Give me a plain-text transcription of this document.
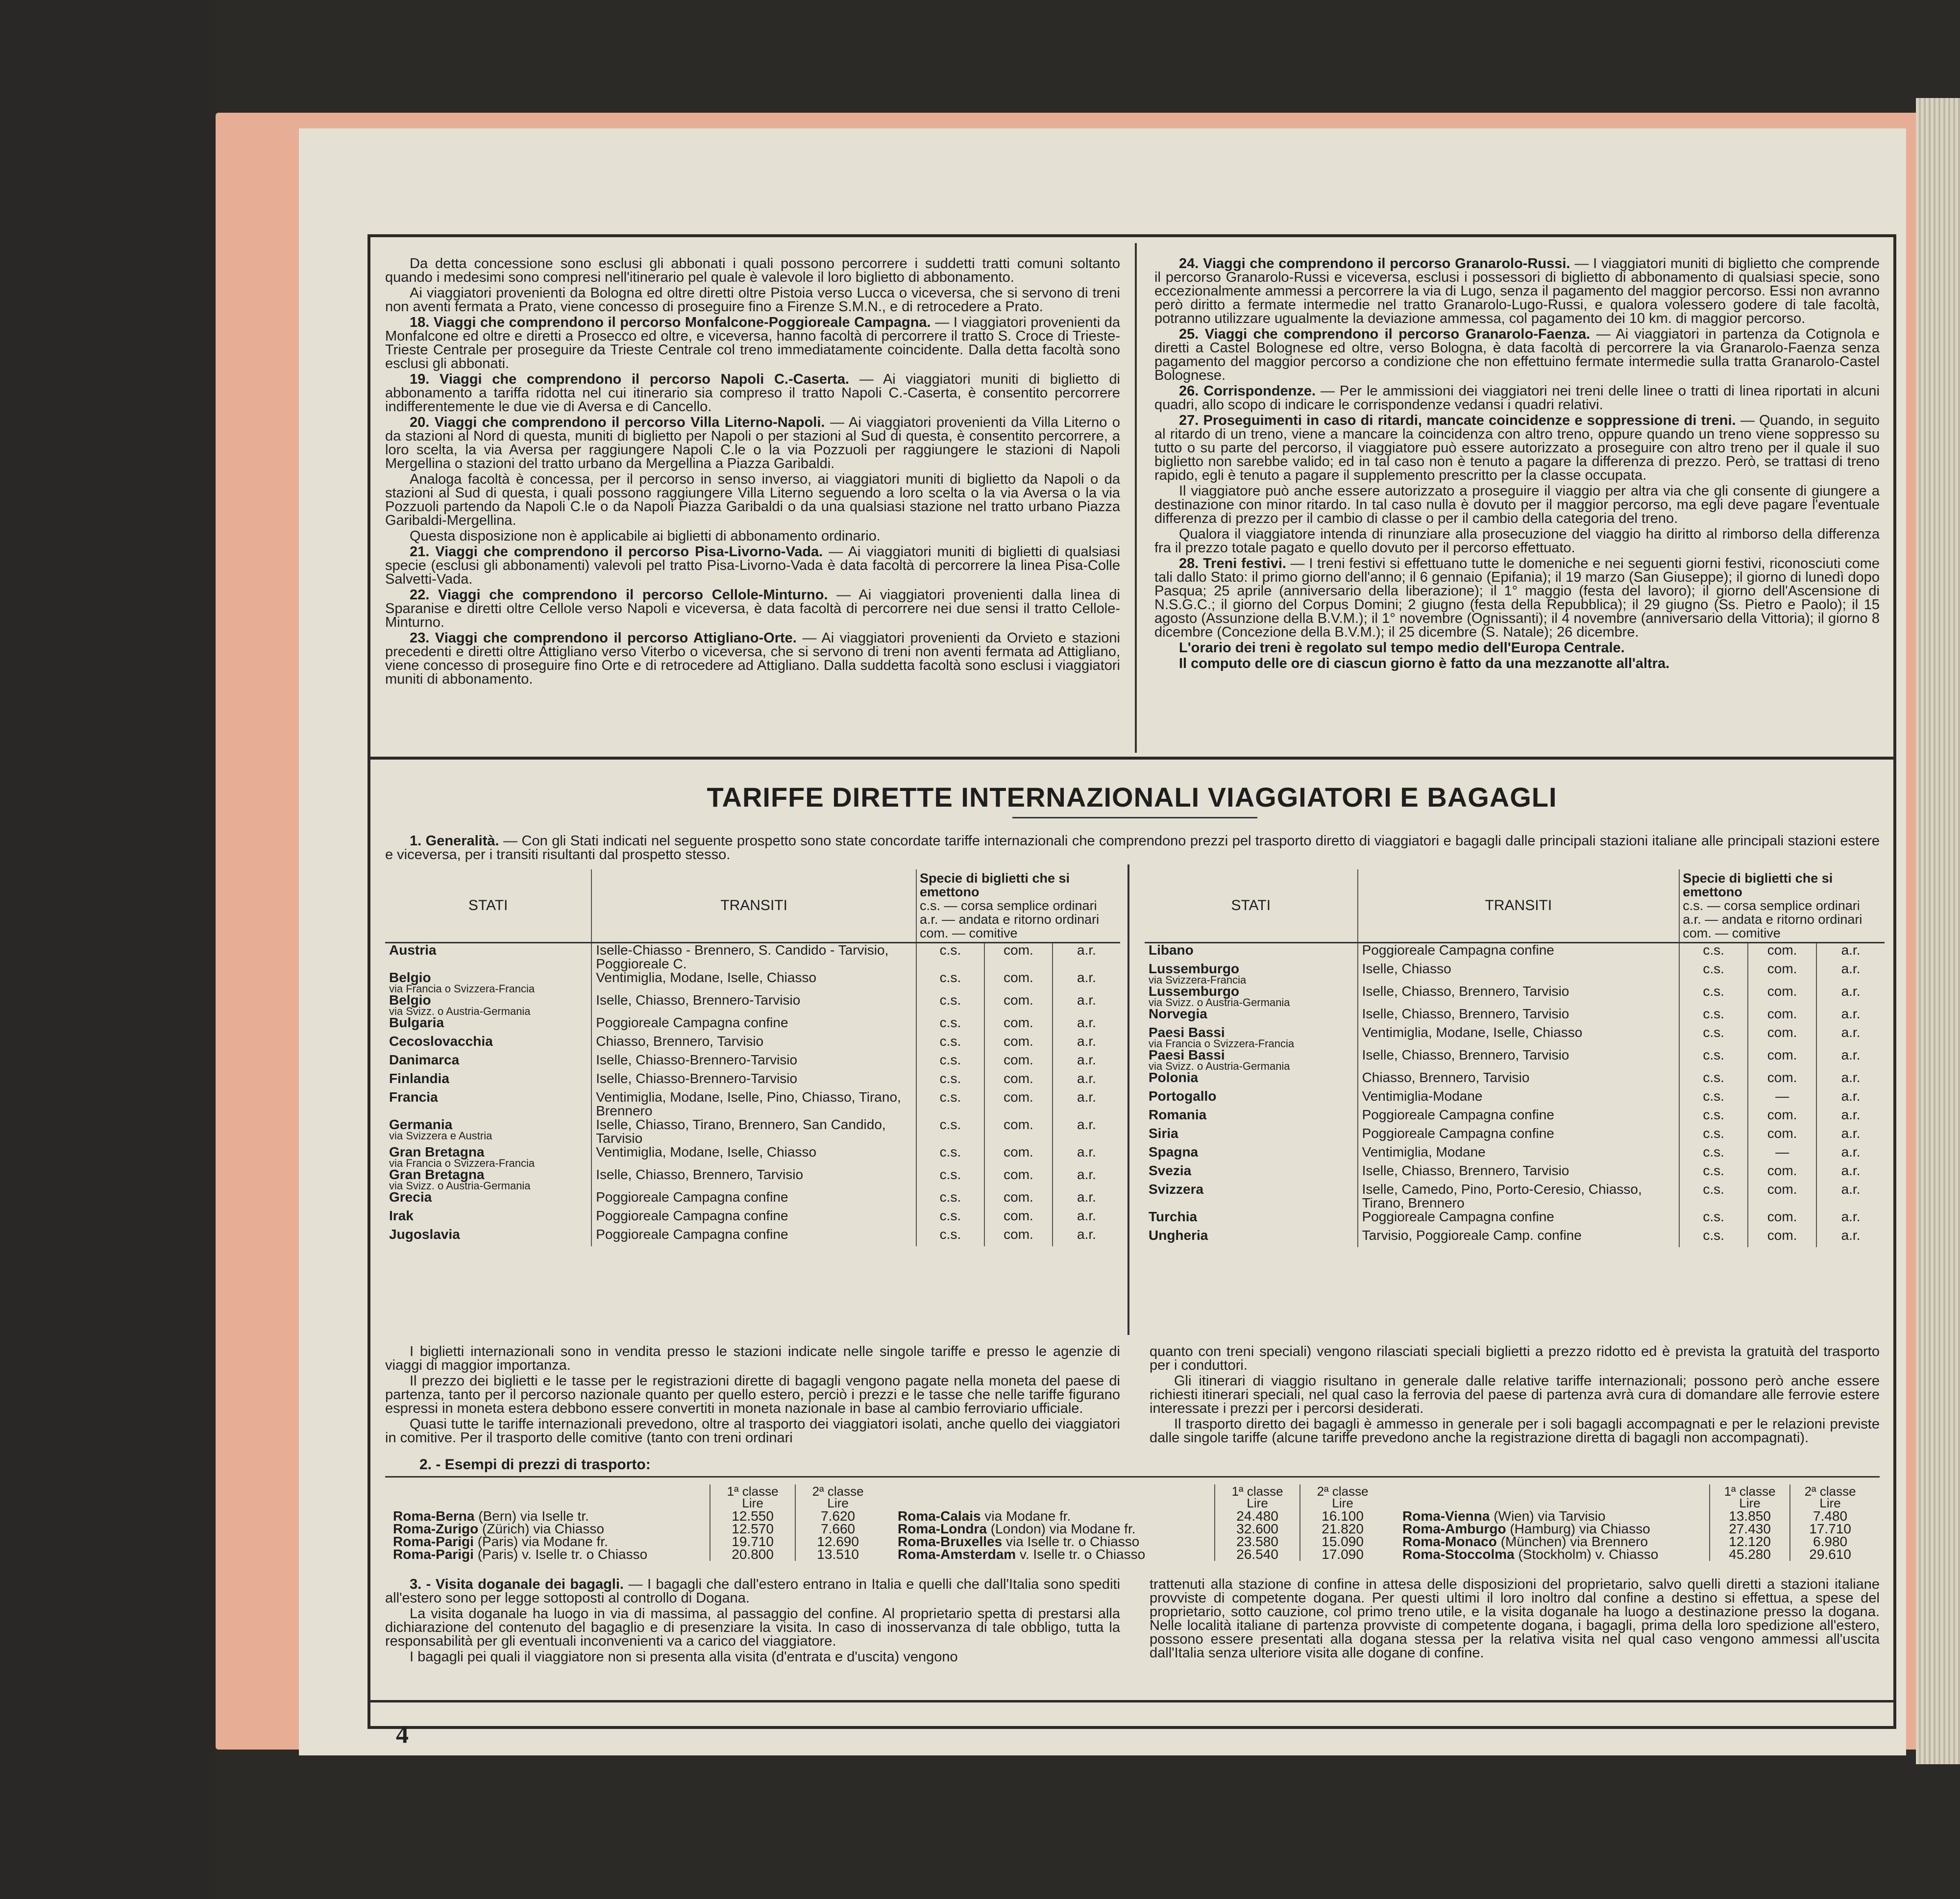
Da detta concessione sono esclusi gli abbonati i quali possono percorrere i suddetti tratti comuni soltanto quando i medesimi sono compresi nell'itinerario pel quale è valevole il loro biglietto di abbonamento.

Ai viaggiatori provenienti da Bologna ed oltre diretti oltre Pistoia verso Lucca o viceversa, che si servono di treni non aventi fermata a Prato, viene concesso di proseguire fino a Firenze S.M.N., e di retrocedere a Prato.

18. Viaggi che comprendono il percorso Monfalcone-Poggioreale Campagna. — I viaggiatori provenienti da Monfalcone ed oltre e diretti a Prosecco ed oltre, e viceversa, hanno facoltà di percorrere il tratto S. Croce di Trieste-Trieste Centrale per proseguire da Trieste Centrale col treno immediatamente coincidente. Dalla detta facoltà sono esclusi gli abbonati.

19. Viaggi che comprendono il percorso Napoli C.-Caserta. — Ai viaggiatori muniti di biglietto di abbonamento a tariffa ridotta nel cui itinerario sia compreso il tratto Napoli C.-Caserta, è consentito percorrere indifferentemente le due vie di Aversa e di Cancello.

20. Viaggi che comprendono il percorso Villa Literno-Napoli. — Ai viaggiatori provenienti da Villa Literno o da stazioni al Nord di questa, muniti di biglietto per Napoli o per stazioni al Sud di questa, è consentito percorrere, a loro scelta, la via Aversa per raggiungere Napoli C.le o la via Pozzuoli per raggiungere le stazioni di Napoli Mergellina o stazioni del tratto urbano da Mergellina a Piazza Garibaldi.

Analoga facoltà è concessa, per il percorso in senso inverso, ai viaggiatori muniti di biglietto da Napoli o da stazioni al Sud di questa, i quali possono raggiungere Villa Literno seguendo a loro scelta o la via Aversa o la via Pozzuoli partendo da Napoli C.le o da Napoli Piazza Garibaldi o da una qualsiasi stazione nel tratto urbano Piazza Garibaldi-Mergellina.

Questa disposizione non è applicabile ai biglietti di abbonamento ordinario.

21. Viaggi che comprendono il percorso Pisa-Livorno-Vada. — Ai viaggiatori muniti di biglietti di qualsiasi specie (esclusi gli abbonamenti) valevoli pel tratto Pisa-Livorno-Vada è data facoltà di percorrere la linea Pisa-Colle Salvetti-Vada.

22. Viaggi che comprendono il percorso Cellole-Minturno. — Ai viaggiatori provenienti dalla linea di Sparanise e diretti oltre Cellole verso Napoli e viceversa, è data facoltà di percorrere nei due sensi il tratto Cellole-Minturno.

23. Viaggi che comprendono il percorso Attigliano-Orte. — Ai viaggiatori provenienti da Orvieto e stazioni precedenti e diretti oltre Attigliano verso Viterbo o viceversa, che si servono di treni non aventi fermata ad Attigliano, viene concesso di proseguire fino Orte e di retrocedere ad Attigliano. Dalla suddetta facoltà sono esclusi i viaggiatori muniti di abbonamento.

24. Viaggi che comprendono il percorso Granarolo-Russi. — I viaggiatori muniti di biglietto che comprende il percorso Granarolo-Russi e viceversa, esclusi i possessori di biglietto di abbonamento di qualsiasi specie, sono eccezionalmente ammessi a percorrere la via di Lugo, senza il pagamento del maggior percorso. Essi non avranno però diritto a fermate intermedie nel tratto Granarolo-Lugo-Russi, e qualora volessero godere di tale facoltà, potranno utilizzare ugualmente la deviazione ammessa, col pagamento dei 10 km. di maggior percorso.

25. Viaggi che comprendono il percorso Granarolo-Faenza. — Ai viaggiatori in partenza da Cotignola e diretti a Castel Bolognese ed oltre, verso Bologna, è data facoltà di percorrere la via Granarolo-Faenza senza pagamento del maggior percorso a condizione che non effettuino fermate intermedie sulla tratta Granarolo-Castel Bolognese.

26. Corrispondenze. — Per le ammissioni dei viaggiatori nei treni delle linee o tratti di linea riportati in alcuni quadri, allo scopo di indicare le corrispondenze vedansi i quadri relativi.

27. Proseguimenti in caso di ritardi, mancate coincidenze e soppressione di treni. — Quando, in seguito al ritardo di un treno, viene a mancare la coincidenza con altro treno, oppure quando un treno viene soppresso su tutto o su parte del percorso, il viaggiatore può essere autorizzato a proseguire con altro treno per il quale il suo biglietto non sarebbe valido; ed in tal caso non è tenuto a pagare la differenza di prezzo. Però, se trattasi di treno rapido, egli è tenuto a pagare il supplemento prescritto per la classe occupata.

Il viaggiatore può anche essere autorizzato a proseguire il viaggio per altra via che gli consente di giungere a destinazione con minor ritardo. In tal caso nulla è dovuto per il maggior percorso, ma egli deve pagare l'eventuale differenza di prezzo per il cambio di classe o per il cambio della categoria del treno.

Qualora il viaggiatore intenda di rinunziare alla prosecuzione del viaggio ha diritto al rimborso della differenza fra il prezzo totale pagato e quello dovuto per il percorso effettuato.

28. Treni festivi. — I treni festivi si effettuano tutte le domeniche e nei seguenti giorni festivi, riconosciuti come tali dallo Stato: il primo giorno dell'anno; il 6 gennaio (Epifania); il 19 marzo (San Giuseppe); il giorno di lunedì dopo Pasqua; 25 aprile (anniversario della liberazione); il 1° maggio (festa del lavoro); il giorno dell'Ascensione di N.S.G.C.; il giorno del Corpus Domini; 2 giugno (festa della Repubblica); il 29 giugno (Ss. Pietro e Paolo); il 15 agosto (Assunzione della B.V.M.); il 1° novembre (Ognissanti); il 4 novembre (anniversario della Vittoria); il giorno 8 dicembre (Concezione della B.V.M.); il 25 dicembre (S. Natale); 26 dicembre.

L'orario dei treni è regolato sul tempo medio dell'Europa Centrale.

Il computo delle ore di ciascun giorno è fatto da una mezzanotte all'altra.

TARIFFE DIRETTE INTERNAZIONALI VIAGGIATORI E BAGAGLI

1. Generalità. — Con gli Stati indicati nel seguente prospetto sono state concordate tariffe internazionali che comprendono prezzi pel trasporto diretto di viaggiatori e bagagli dalle principali stazioni italiane alle principali stazioni estere e viceversa, per i transiti risultanti dal prospetto stesso.

STATI	TRANSITI	Specie di biglietti che si emettono
c.s. — corsa semplice ordinari
a.r. — andata e ritorno ordinari
com. — comitive		
Austria	Iselle-Chiasso - Brennero, S. Candido - Tarvisio, Poggioreale C.	c.s.	com.	a.r.
Belgio
via Francia o Svizzera-Francia	Ventimiglia, Modane, Iselle, Chiasso	c.s.	com.	a.r.
Belgio
via Svizz. o Austria-Germania	Iselle, Chiasso, Brennero-Tarvisio	c.s.	com.	a.r.
Bulgaria	Poggioreale Campagna confine	c.s.	com.	a.r.
Cecoslovacchia	Chiasso, Brennero, Tarvisio	c.s.	com.	a.r.
Danimarca	Iselle, Chiasso-Brennero-Tarvisio	c.s.	com.	a.r.
Finlandia	Iselle, Chiasso-Brennero-Tarvisio	c.s.	com.	a.r.
Francia	Ventimiglia, Modane, Iselle, Pino, Chiasso, Tirano, Brennero	c.s.	com.	a.r.
Germania
via Svizzera e Austria	Iselle, Chiasso, Tirano, Brennero, San Candido, Tarvisio	c.s.	com.	a.r.
Gran Bretagna
via Francia o Svizzera-Francia	Ventimiglia, Modane, Iselle, Chiasso	c.s.	com.	a.r.
Gran Bretagna
via Svizz. o Austria-Germania	Iselle, Chiasso, Brennero, Tarvisio	c.s.	com.	a.r.
Grecia	Poggioreale Campagna confine	c.s.	com.	a.r.
Irak	Poggioreale Campagna confine	c.s.	com.	a.r.
Jugoslavia	Poggioreale Campagna confine	c.s.	com.	a.r.
STATI	TRANSITI	Specie di biglietti che si emettono
c.s. — corsa semplice ordinari
a.r. — andata e ritorno ordinari
com. — comitive		
Libano	Poggioreale Campagna confine	c.s.	com.	a.r.
Lussemburgo
via Svizzera-Francia	Iselle, Chiasso	c.s.	com.	a.r.
Lussemburgo
via Svizz. o Austria-Germania	Iselle, Chiasso, Brennero, Tarvisio	c.s.	com.	a.r.
Norvegia	Iselle, Chiasso, Brennero, Tarvisio	c.s.	com.	a.r.
Paesi Bassi
via Francia o Svizzera-Francia	Ventimiglia, Modane, Iselle, Chiasso	c.s.	com.	a.r.
Paesi Bassi
via Svizz. o Austria-Germania	Iselle, Chiasso, Brennero, Tarvisio	c.s.	com.	a.r.
Polonia	Chiasso, Brennero, Tarvisio	c.s.	com.	a.r.
Portogallo	Ventimiglia-Modane	c.s.	—	a.r.
Romania	Poggioreale Campagna confine	c.s.	com.	a.r.
Siria	Poggioreale Campagna confine	c.s.	com.	a.r.
Spagna	Ventimiglia, Modane	c.s.	—	a.r.
Svezia	Iselle, Chiasso, Brennero, Tarvisio	c.s.	com.	a.r.
Svizzera	Iselle, Camedo, Pino, Porto-Ceresio, Chiasso, Tirano, Brennero	c.s.	com.	a.r.
Turchia	Poggioreale Campagna confine	c.s.	com.	a.r.
Ungheria	Tarvisio, Poggioreale Camp. confine	c.s.	com.	a.r.

I biglietti internazionali sono in vendita presso le stazioni indicate nelle singole tariffe e presso le agenzie di viaggi di maggior importanza.

Il prezzo dei biglietti e le tasse per le registrazioni dirette di bagagli vengono pagate nella moneta del paese di partenza, tanto per il percorso nazionale quanto per quello estero, perciò i prezzi e le tasse che nelle tariffe figurano espressi in moneta estera debbono essere convertiti in moneta nazionale in base al cambio ferroviario ufficiale.

Quasi tutte le tariffe internazionali prevedono, oltre al trasporto dei viaggiatori isolati, anche quello dei viaggiatori in comitive. Per il trasporto delle comitive (tanto con treni ordinari

quanto con treni speciali) vengono rilasciati speciali biglietti a prezzo ridotto ed è prevista la gratuità del trasporto per i conduttori.

Gli itinerari di viaggio risultano in generale dalle relative tariffe internazionali; possono però anche essere richiesti itinerari speciali, nel qual caso la ferrovia del paese di partenza avrà cura di domandare alle ferrovie estere interessate i prezzi per i percorsi desiderati.

Il trasporto diretto dei bagagli è ammesso in generale per i soli bagagli accompagnati e per le relazioni previste dalle singole tariffe (alcune tariffe prevedono anche la registrazione diretta di bagagli non accompagnati).

2. - Esempi di prezzi di trasporto:
	1ª classe
Lire	2ª classe
Lire
Roma-Berna (Bern) via Iselle tr.	12.550	7.620
Roma-Zurigo (Zürich) via Chiasso	12.570	7.660
Roma-Parigi (Paris) via Modane fr.	19.710	12.690
Roma-Parigi (Paris) v. Iselle tr. o Chiasso	20.800	13.510
	1ª classe
Lire	2ª classe
Lire
Roma-Calais via Modane fr.	24.480	16.100
Roma-Londra (London) via Modane fr.	32.600	21.820
Roma-Bruxelles via Iselle tr. o Chiasso	23.580	15.090
Roma-Amsterdam v. Iselle tr. o Chiasso	26.540	17.090
	1ª classe
Lire	2ª classe
Lire
Roma-Vienna (Wien) via Tarvisio	13.850	7.480
Roma-Amburgo (Hamburg) via Chiasso	27.430	17.710
Roma-Monaco (München) via Brennero	12.120	6.980
Roma-Stoccolma (Stockholm) v. Chiasso	45.280	29.610

3. - Visita doganale dei bagagli. — I bagagli che dall'estero entrano in Italia e quelli che dall'Italia sono spediti all'estero sono per legge sottoposti al controllo di Dogana.

La visita doganale ha luogo in via di massima, al passaggio del confine. Al proprietario spetta di prestarsi alla dichiarazione del contenuto del bagaglio e di presenziare la visita. In caso di inosservanza di tale obbligo, tutta la responsabilità per gli eventuali inconvenienti va a carico del viaggiatore.

I bagagli pei quali il viaggiatore non si presenta alla visita (d'entrata e d'uscita) vengono

trattenuti alla stazione di confine in attesa delle disposizioni del proprietario, salvo quelli diretti a stazioni italiane provviste di competente dogana. Per questi ultimi il loro inoltro dal confine a destino si effettua, a spese del proprietario, sotto cauzione, col primo treno utile, e la visita doganale ha luogo a destinazione presso la dogana. Nelle località italiane di partenza provviste di competente dogana, i bagagli, prima della loro spedizione all'estero, possono essere presentati alla dogana stessa per la relativa visita nel qual caso vengono ammessi all'uscita dall'Italia senza ulteriore visita alle dogane di confine.

4
